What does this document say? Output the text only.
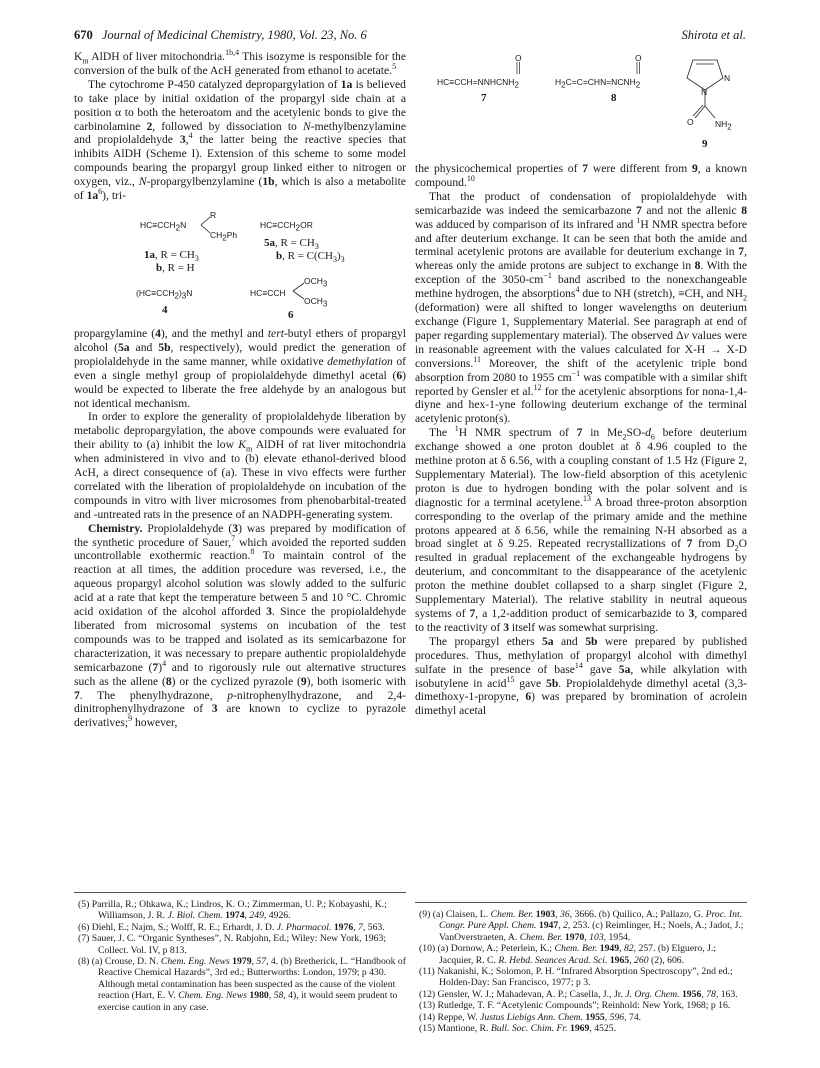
670 Journal of Medicinal Chemistry, 1980, Vol. 23, No. 6	Shirota et al.

$K_m$ AlDH of liver mitochondria.$^{1b,4}$ This isozyme is responsible for the conversion of the bulk of the AcH generated from ethanol to acetate.$^5$

The cytochrome P-450 catalyzed depropargylation of 1a is believed to take place by initial oxidation of the propargyl side chain at a position α to both the heteroatom and the acetylenic bonds to give the carbinolamine 2, followed by dissociation to N-methylbenzylamine and propiolaldehyde 3,$^4$ the latter being the reactive species that inhibits AlDH (Scheme I). Extension of this scheme to some model compounds bearing the propargyl group linked either to nitrogen or oxygen, viz., N-propargylbenzylamine (1b, which is also a metabolite of $1a^6$), tri-

$HC\equiv CCH_2N$
R
$CH_2Ph$
1a, $R = CH_3$
b, R = H
$HC\equiv CCH_2OR$
5a, $R = CH_3$
b, $R = C(CH_3)_3$
$(HC\equiv CCH_2)_3N$
4
HC≡CCH
$OCH_3$
$OCH_3$
6

propargylamine (4), and the methyl and tert-butyl ethers of propargyl alcohol (5a and 5b, respectively), would predict the generation of propiolaldehyde in the same manner, while oxidative demethylation of even a single methyl group of propiolaldehyde dimethyl acetal (6) would be expected to liberate the free aldehyde by an analogous but not identical mechanism.

In order to explore the generality of propiolaldehyde liberation by metabolic depropargylation, the above compounds were evaluated for their ability to (a) inhibit the low $K_m$ AlDH of rat liver mitochondria when administered in vivo and to (b) elevate ethanol-derived blood AcH, a direct consequence of (a). These in vivo effects were further correlated with the liberation of propiolaldehyde on incubation of the compounds in vitro with liver microsomes from phenobarbital-treated and -untreated rats in the presence of an NADPH-generating system.

Chemistry. Propiolaldehyde (3) was prepared by modification of the synthetic procedure of Sauer,$^7$ which avoided the reported sudden uncontrollable exothermic reaction.$^8$ To maintain control of the reaction at all times, the addition procedure was reversed, i.e., the aqueous propargyl alcohol solution was slowly added to the sulfuric acid at a rate that kept the temperature between 5 and 10 °C. Chromic acid oxidation of the alcohol afforded 3. Since the propiolaldehyde liberated from microsomal systems on incubation of the test compounds was to be trapped and isolated as its semicarbazone for characterization, it was necessary to prepare authentic propiolaldehyde semicarbazone $(7)^4$ and to rigorously rule out alternative structures such as the allene (8) or the cyclized pyrazole (9), both isomeric with 7. The phenylhydrazone, p-nitrophenylhydrazone, and 2,4-dinitrophenylhydrazone of 3 are known to cyclize to pyrazole derivatives;$^9$ however,

O
$HC\equiv CCH=NNHCNH_2$
7
O
$H_2C=C=CHN=NCNH_2$
8
N
N
O	$NH_2$
9

the physicochemical properties of 7 were different from 9, a known compound.$^{10}$

That the product of condensation of propiolaldehyde with semicarbazide was indeed the semicarbazone 7 and not the allenic 8 was adduced by comparison of its infrared and $^1$H NMR spectra before and after deuterium exchange. It can be seen that both the amide and terminal acetylenic protons are available for deuterium exchange in 7, whereas only the amide protons are subject to exchange in 8. With the exception of the $3050-cm^{-1}$ band ascribed to the nonexchangeable methine hydrogen, the absorptions$^4$ due to NH (stretch), ≡CH, and $NH_2$ (deformation) were all shifted to longer wavelengths on deuterium exchange (Figure 1, Supplementary Material. See paragraph at end of paper regarding supplementary material). The observed Δν values were in reasonable agreement with the values calculated for X-H → X-D conversions.$^{11}$ Moreover, the shift of the acetylenic triple bond absorption from 2080 to 1955 $cm^{-1}$ was compatible with a similar shift reported by Gensler et al.$^{12}$ for the acetylenic absorptions for nona-1,4-diyne and hex-1-yne following deuterium exchange of the terminal acetylenic proton(s).

The $^1$H NMR spectrum of 7 in $Me_2SO-d_6$ before deuterium exchange showed a one proton doublet at δ 4.96 coupled to the methine proton at δ 6.56, with a coupling constant of 1.5 Hz (Figure 2, Supplementary Material). The low-field absorption of this acetylenic proton is due to hydrogen bonding with the polar solvent and is diagnostic for a terminal acetylene.$^{13}$ A broad three-proton absorption corresponding to the overlap of the primary amide and the methine protons appeared at δ 6.56, while the remaining N-H absorbed as a broad singlet at δ 9.25. Repeated recrystallizations of 7 from $D_2O$ resulted in gradual replacement of the exchangeable hydrogens by deuterium, and concommitant to the disappearance of the acetylenic proton the methine doublet collapsed to a sharp singlet (Figure 2, Supplementary Material). The relative stability in neutral aqueous systems of 7, a 1,2-addition product of semicarbazide to 3, compared to the reactivity of 3 itself was somewhat surprising.

The propargyl ethers 5a and 5b were prepared by published procedures. Thus, methylation of propargyl alcohol with dimethyl sulfate in the presence of base$^{14}$ gave 5a, while alkylation with isobutylene in acid$^{15}$ gave 5b. Propiolaldehyde dimethyl acetal (3,3-dimethoxy-1-propyne, 6) was prepared by bromination of acrolein dimethyl acetal

(5) Parrilla, R.; Ohkawa, K.; Lindros, K. O.; Zimmerman, U. P.; Kobayashi, K.; Williamson, J. R. J. Biol. Chem. 1974, 249, 4926.
(6) Diehl, E.; Najm, S.; Wolff, R. E.; Erhardt, J. D. J. Pharmacol. 1976, 7, 563.
(7) Sauer, J. C. “Organic Syntheses”, N. Rabjohn, Ed.; Wiley: New York, 1963; Collect. Vol. IV, p 813.
(8) (a) Crouse, D. N. Chem. Eng. News 1979, 57, 4. (b) Bretherick, L. “Handbook of Reactive Chemical Hazards”, 3rd ed.; Butterworths: London, 1979; p 430. Although metal contamination has been suspected as the cause of the violent reaction (Hart, E. V. Chem. Eng. News 1980, 58, 4), it would seem prudent to exercise caution in any case.
(9) (a) Claisen, L. Chem. Ber. 1903, 36, 3666. (b) Quilico, A.; Pallazo, G. Proc. Int. Congr. Pure Appl. Chem. 1947, 2, 253. (c) Reimlinger, H.; Noels, A.; Jadot, J.; VanOverstraeten, A. Chem. Ber. 1970, 103, 1954.
(10) (a) Dornow, A.; Peterlein, K.; Chem. Ber. 1949, 82, 257. (b) Elguero, J.; Jacquier, R. C. R. Hebd. Seances Acad. Sci. 1965, 260 (2), 606.
(11) Nakanishi, K.; Solomon, P. H. “Infrared Absorption Spectroscopy”, 2nd ed.; Holden-Day: San Francisco, 1977; p 3.
(12) Gensler, W. J.; Mahadevan, A. P.; Casella, J., Jr. J. Org. Chem. 1956, 78, 163.
(13) Rutledge, T. F. “Acetylenic Compounds”; Reinhold: New York, 1968; p 16.
(14) Reppe, W. Justus Liebigs Ann. Chem. 1955, 596, 74.
(15) Mantione, R. Bull. Soc. Chim. Fr. 1969, 4525.
